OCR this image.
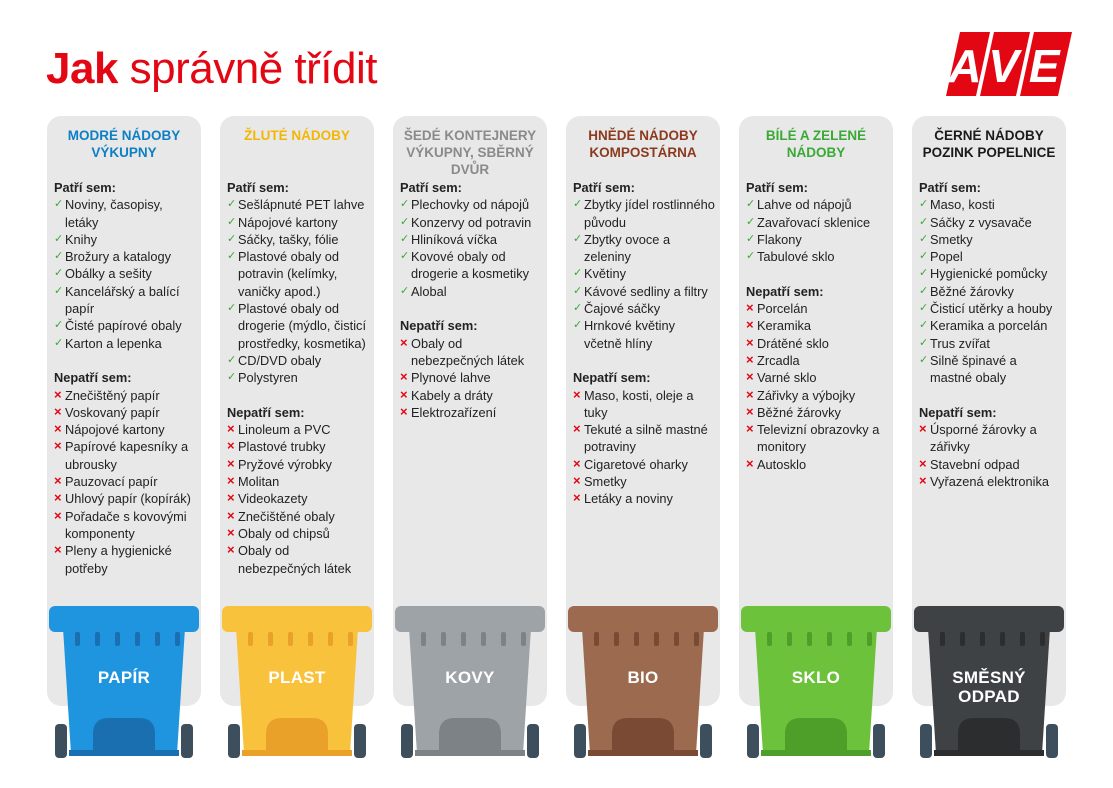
Jak správně třídit	AVE
MODRÉ NÁDOBY
VÝKUPNY
Patří sem:
✓ Noviny, časopisy, letáky
✓ Knihy
✓ Brožury a katalogy
✓ Obálky a sešity
✓ Kancelářský a balící papír
✓ Čisté papírové obaly
✓ Karton a lepenka
Nepatří sem:
× Znečištěný papír
× Voskovaný papír
× Nápojové kartony
× Papírové kapesníky a ubrousky
× Pauzovací papír
× Uhlový papír (kopírák)
× Pořadače s kovovými komponenty
× Pleny a hygienické potřeby
ŽLUTÉ NÁDOBY
Patří sem:
✓ Sešlápnuté PET lahve
✓ Nápojové kartony
✓ Sáčky, tašky, fólie
✓ Plastové obaly od potravin (kelímky, vaničky apod.)
✓ Plastové obaly od drogerie (mýdlo, čisticí prostředky, kosmetika)
✓ CD/DVD obaly
✓ Polystyren
Nepatří sem:
× Linoleum a PVC
× Plastové trubky
× Pryžové výrobky
× Molitan
× Videokazety
× Znečištěné obaly
× Obaly od chipsů
× Obaly od nebezpečných látek
ŠEDÉ KONTEJNERY
VÝKUPNY, SBĚRNÝ
DVŮR
Patří sem:
✓ Plechovky od nápojů
✓ Konzervy od potravin
✓ Hliníková víčka
✓ Kovové obaly od drogerie a kosmetiky
✓ Alobal
Nepatří sem:
× Obaly od nebezpečných látek
× Plynové lahve
× Kabely a dráty
× Elektrozařízení
HNĚDÉ NÁDOBY
KOMPOSTÁRNA
Patří sem:
✓ Zbytky jídel rostlinného původu
✓ Zbytky ovoce a zeleniny
✓ Květiny
✓ Kávové sedliny a filtry
✓ Čajové sáčky
✓ Hrnkové květiny včetně hlíny
Nepatří sem:
× Maso, kosti, oleje a tuky
× Tekuté a silně mastné potraviny
× Cigaretové oharky
× Smetky
× Letáky a noviny
BÍLÉ A ZELENÉ
NÁDOBY
Patří sem:
✓ Lahve od nápojů
✓ Zavařovací sklenice
✓ Flakony
✓ Tabulové sklo
Nepatří sem:
× Porcelán
× Keramika
× Drátěné sklo
× Zrcadla
× Varné sklo
× Zářivky a výbojky
× Běžné žárovky
× Televizní obrazovky a monitory
× Autosklo
ČERNÉ NÁDOBY
POZINK POPELNICE
Patří sem:
✓ Maso, kosti
✓ Sáčky z vysavače
✓ Smetky
✓ Popel
✓ Hygienické pomůcky
✓ Běžné žárovky
✓ Čisticí utěrky a houby
✓ Keramika a porcelán
✓ Trus zvířat
✓ Silně špinavé a mastné obaly
Nepatří sem:
× Úsporné žárovky a zářivky
× Stavební odpad
× Vyřazená elektronika
PAPÍR	PLAST	KOVY	BIO	SKLO	SMĚSNÝ
ODPAD
